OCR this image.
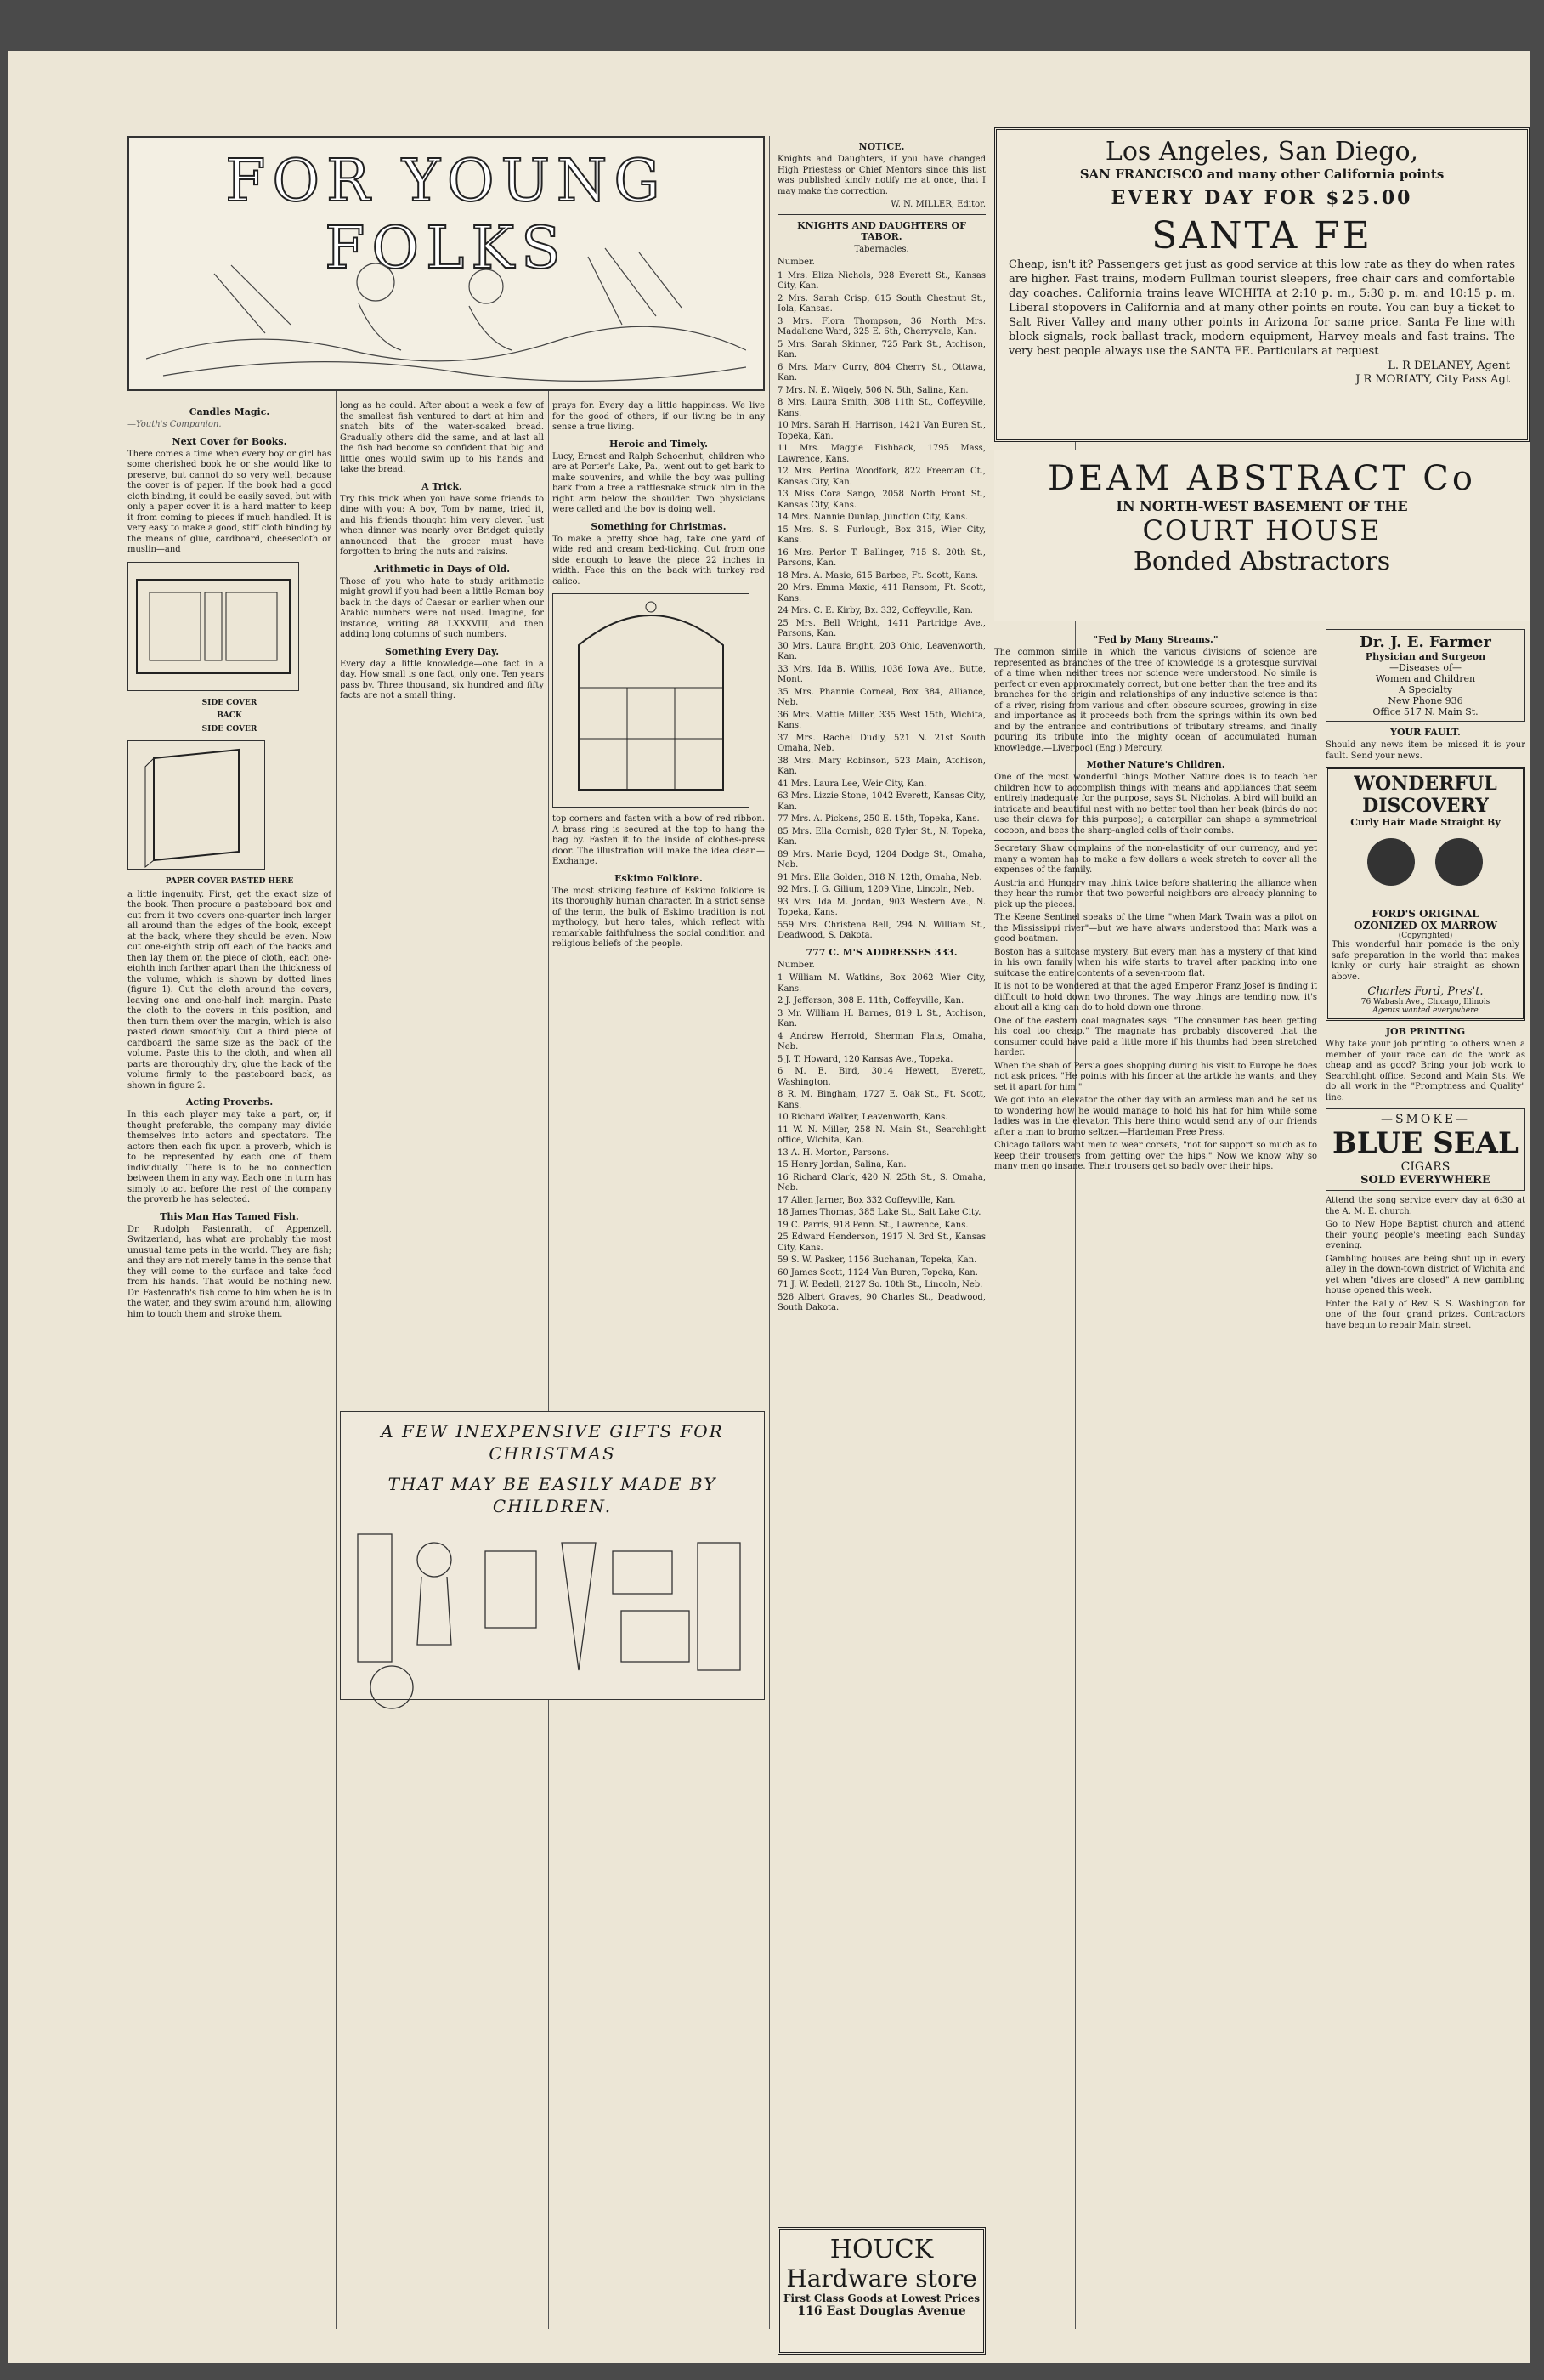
FOR YOUNG FOLKS
Candles Magic.

—Youth's Companion.

Next Cover for Books.

There comes a time when every boy or girl has some cherished book he or she would like to preserve, but cannot do so very well, because the cover is of paper. If the book had a good cloth binding, it could be easily saved, but with only a paper cover it is a hard matter to keep it from coming to pieces if much handled. It is very easy to make a good, stiff cloth binding by the means of glue, cardboard, cheesecloth or muslin—and

SIDE COVER

BACK

SIDE COVER

PAPER COVER PASTED HERE

a little ingenuity. First, get the exact size of the book. Then procure a pasteboard box and cut from it two covers one-quarter inch larger all around than the edges of the book, except at the back, where they should be even. Now cut one-eighth strip off each of the backs and then lay them on the piece of cloth, each one-eighth inch farther apart than the thickness of the volume, which is shown by dotted lines (figure 1). Cut the cloth around the covers, leaving one and one-half inch margin. Paste the cloth to the covers in this position, and then turn them over the margin, which is also pasted down smoothly. Cut a third piece of cardboard the same size as the back of the volume. Paste this to the cloth, and when all parts are thoroughly dry, glue the back of the volume firmly to the pasteboard back, as shown in figure 2.

Acting Proverbs.

In this each player may take a part, or, if thought preferable, the company may divide themselves into actors and spectators. The actors then each fix upon a proverb, which is to be represented by each one of them individually. There is to be no connection between them in any way. Each one in turn has simply to act before the rest of the company the proverb he has selected.

This Man Has Tamed Fish.

Dr. Rudolph Fastenrath, of Appenzell, Switzerland, has what are probably the most unusual tame pets in the world. They are fish; and they are not merely tame in the sense that they will come to the surface and take food from his hands. That would be nothing new. Dr. Fastenrath's fish come to him when he is in the water, and they swim around him, allowing him to touch them and stroke them.

long as he could. After about a week a few of the smallest fish ventured to dart at him and snatch bits of the water-soaked bread. Gradually others did the same, and at last all the fish had become so confident that big and little ones would swim up to his hands and take the bread.

A Trick.

Try this trick when you have some friends to dine with you: A boy, Tom by name, tried it, and his friends thought him very clever. Just when dinner was nearly over Bridget quietly announced that the grocer must have forgotten to bring the nuts and raisins.

Arithmetic in Days of Old.

Those of you who hate to study arithmetic might growl if you had been a little Roman boy back in the days of Caesar or earlier when our Arabic numbers were not used. Imagine, for instance, writing 88 LXXXVIII, and then adding long columns of such numbers.

Something Every Day.

Every day a little knowledge—one fact in a day. How small is one fact, only one. Ten years pass by. Three thousand, six hundred and fifty facts are not a small thing.

prays for. Every day a little happiness. We live for the good of others, if our living be in any sense a true living.

Heroic and Timely.

Lucy, Ernest and Ralph Schoenhut, children who are at Porter's Lake, Pa., went out to get bark to make souvenirs, and while the boy was pulling bark from a tree a rattlesnake struck him in the right arm below the shoulder. Two physicians were called and the boy is doing well.

Something for Christmas.

To make a pretty shoe bag, take one yard of wide red and cream bed-ticking. Cut from one side enough to leave the piece 22 inches in width. Face this on the back with turkey red calico.

top corners and fasten with a bow of red ribbon. A brass ring is secured at the top to hang the bag by. Fasten it to the inside of clothes-press door. The illustration will make the idea clear.—Exchange.

Eskimo Folklore.

The most striking feature of Eskimo folklore is its thoroughly human character. In a strict sense of the term, the bulk of Eskimo tradition is not mythology, but hero tales, which reflect with remarkable faithfulness the social condition and religious beliefs of the people.

A FEW INEXPENSIVE GIFTS FOR CHRISTMAS
THAT MAY BE EASILY MADE BY CHILDREN.
NOTICE.

Knights and Daughters, if you have changed High Priestess or Chief Mentors since this list was published kindly notify me at once, that I may make the correction.

W. N. MILLER, Editor.

KNIGHTS AND DAUGHTERS OF TABOR.

Tabernacles.

Number.

1 Mrs. Eliza Nichols, 928 Everett St., Kansas City, Kan.

2 Mrs. Sarah Crisp, 615 South Chestnut St., Iola, Kansas.

3 Mrs. Flora Thompson, 36 North Mrs. Madaliene Ward, 325 E. 6th, Cherryvale, Kan.

5 Mrs. Sarah Skinner, 725 Park St., Atchison, Kan.

6 Mrs. Mary Curry, 804 Cherry St., Ottawa, Kan.

7 Mrs. N. E. Wigely, 506 N. 5th, Salina, Kan.

8 Mrs. Laura Smith, 308 11th St., Coffeyville, Kans.

10 Mrs. Sarah H. Harrison, 1421 Van Buren St., Topeka, Kan.

11 Mrs. Maggie Fishback, 1795 Mass, Lawrence, Kans.

12 Mrs. Perlina Woodfork, 822 Freeman Ct., Kansas City, Kan.

13 Miss Cora Sango, 2058 North Front St., Kansas City, Kans.

14 Mrs. Nannie Dunlap, Junction City, Kans.

15 Mrs. S. S. Furlough, Box 315, Wier City, Kans.

16 Mrs. Perlor T. Ballinger, 715 S. 20th St., Parsons, Kan.

18 Mrs. A. Masie, 615 Barbee, Ft. Scott, Kans.

20 Mrs. Emma Maxie, 411 Ransom, Ft. Scott, Kans.

24 Mrs. C. E. Kirby, Bx. 332, Coffeyville, Kan.

25 Mrs. Bell Wright, 1411 Partridge Ave., Parsons, Kan.

30 Mrs. Laura Bright, 203 Ohio, Leavenworth, Kan.

33 Mrs. Ida B. Willis, 1036 Iowa Ave., Butte, Mont.

35 Mrs. Phannie Corneal, Box 384, Alliance, Neb.

36 Mrs. Mattie Miller, 335 West 15th, Wichita, Kans.

37 Mrs. Rachel Dudly, 521 N. 21st South Omaha, Neb.

38 Mrs. Mary Robinson, 523 Main, Atchison, Kan.

41 Mrs. Laura Lee, Weir City, Kan.

63 Mrs. Lizzie Stone, 1042 Everett, Kansas City, Kan.

77 Mrs. A. Pickens, 250 E. 15th, Topeka, Kans.

85 Mrs. Ella Cornish, 828 Tyler St., N. Topeka, Kan.

89 Mrs. Marie Boyd, 1204 Dodge St., Omaha, Neb.

91 Mrs. Ella Golden, 318 N. 12th, Omaha, Neb.

92 Mrs. J. G. Gilium, 1209 Vine, Lincoln, Neb.

93 Mrs. Ida M. Jordan, 903 Western Ave., N. Topeka, Kans.

559 Mrs. Christena Bell, 294 N. William St., Deadwood, S. Dakota.

777 C. M'S ADDRESSES 333.

Number.

1 William M. Watkins, Box 2062 Wier City, Kans.

2 J. Jefferson, 308 E. 11th, Coffeyville, Kan.

3 Mr. William H. Barnes, 819 L St., Atchison, Kan.

4 Andrew Herrold, Sherman Flats, Omaha, Neb.

5 J. T. Howard, 120 Kansas Ave., Topeka.

6 M. E. Bird, 3014 Hewett, Everett, Washington.

8 R. M. Bingham, 1727 E. Oak St., Ft. Scott, Kans.

10 Richard Walker, Leavenworth, Kans.

11 W. N. Miller, 258 N. Main St., Searchlight office, Wichita, Kan.

13 A. H. Morton, Parsons.

15 Henry Jordan, Salina, Kan.

16 Richard Clark, 420 N. 25th St., S. Omaha, Neb.

17 Allen Jarner, Box 332 Coffeyville, Kan.

18 James Thomas, 385 Lake St., Salt Lake City.

19 C. Parris, 918 Penn. St., Lawrence, Kans.

25 Edward Henderson, 1917 N. 3rd St., Kansas City, Kans.

59 S. W. Pasker, 1156 Buchanan, Topeka, Kan.

60 James Scott, 1124 Van Buren, Topeka, Kan.

71 J. W. Bedell, 2127 So. 10th St., Lincoln, Neb.

526 Albert Graves, 90 Charles St., Deadwood, South Dakota.

HOUCK
Hardware store
First Class Goods at Lowest Prices
116 East Douglas Avenue
Los Angeles, San Diego,
SAN FRANCISCO and many other California points
EVERY DAY FOR $25.00
SANTA FE

Cheap, isn't it? Passengers get just as good service at this low rate as they do when rates are higher. Fast trains, modern Pullman tourist sleepers, free chair cars and comfortable day coaches. California trains leave WICHITA at 2:10 p. m., 5:30 p. m. and 10:15 p. m. Liberal stopovers in California and at many other points en route. You can buy a ticket to Salt River Valley and many other points in Arizona for same price. Santa Fe line with block signals, rock ballast track, modern equipment, Harvey meals and fast trains. The very best people always use the SANTA FE. Particulars at request

L. R DELANEY, Agent

J R MORIATY, City Pass Agt

DEAM ABSTRACT Co
IN NORTH-WEST BASEMENT OF THE
COURT HOUSE
Bonded Abstractors
"Fed by Many Streams."

The common simile in which the various divisions of science are represented as branches of the tree of knowledge is a grotesque survival of a time when neither trees nor science were understood. No simile is perfect or even approximately correct, but one better than the tree and its branches for the origin and relationships of any inductive science is that of a river, rising from various and often obscure sources, growing in size and importance as it proceeds both from the springs within its own bed and by the entrance and contributions of tributary streams, and finally pouring its tribute into the mighty ocean of accumulated human knowledge.—Liverpool (Eng.) Mercury.

Mother Nature's Children.

One of the most wonderful things Mother Nature does is to teach her children how to accomplish things with means and appliances that seem entirely inadequate for the purpose, says St. Nicholas. A bird will build an intricate and beautiful nest with no better tool than her beak (birds do not use their claws for this purpose); a caterpillar can shape a symmetrical cocoon, and bees the sharp-angled cells of their combs.

Secretary Shaw complains of the non-elasticity of our currency, and yet many a woman has to make a few dollars a week stretch to cover all the expenses of the family.

Austria and Hungary may think twice before shattering the alliance when they hear the rumor that two powerful neighbors are already planning to pick up the pieces.

The Keene Sentinel speaks of the time "when Mark Twain was a pilot on the Mississippi river"—but we have always understood that Mark was a good boatman.

Boston has a suitcase mystery. But every man has a mystery of that kind in his own family when his wife starts to travel after packing into one suitcase the entire contents of a seven-room flat.

It is not to be wondered at that the aged Emperor Franz Josef is finding it difficult to hold down two thrones. The way things are tending now, it's about all a king can do to hold down one throne.

One of the eastern coal magnates says: "The consumer has been getting his coal too cheap." The magnate has probably discovered that the consumer could have paid a little more if his thumbs had been stretched harder.

When the shah of Persia goes shopping during his visit to Europe he does not ask prices. "He points with his finger at the article he wants, and they set it apart for him."

We got into an elevator the other day with an armless man and he set us to wondering how he would manage to hold his hat for him while some ladies was in the elevator. This here thing would send any of our friends after a man to bromo seltzer.—Hardeman Free Press.

Chicago tailors want men to wear corsets, "not for support so much as to keep their trousers from getting over the hips." Now we know why so many men go insane. Their trousers get so badly over their hips.

Dr. J. E. Farmer
Physician and Surgeon
—Diseases of—
Women and Children
A Specialty
New Phone 936
Office 517 N. Main St.
YOUR FAULT.

Should any news item be missed it is your fault. Send your news.

WONDERFUL
DISCOVERY
Curly Hair Made Straight By
FORD'S ORIGINAL
OZONIZED OX MARROW
(Copyrighted)

This wonderful hair pomade is the only safe preparation in the world that makes kinky or curly hair straight as shown above.

Charles Ford, Pres't.
76 Wabash Ave., Chicago, Illinois
Agents wanted everywhere
JOB PRINTING

Why take your job printing to others when a member of your race can do the work as cheap and as good? Bring your job work to Searchlight office. Second and Main Sts. We do all work in the "Promptness and Quality" line.

—SMOKE—
BLUE SEAL
CIGARS
SOLD EVERYWHERE

Attend the song service every day at 6:30 at the A. M. E. church.

Go to New Hope Baptist church and attend their young people's meeting each Sunday evening.

Gambling houses are being shut up in every alley in the down-town district of Wichita and yet when "dives are closed" A new gambling house opened this week.

Enter the Rally of Rev. S. S. Washington for one of the four grand prizes. Contractors have begun to repair Main street.
